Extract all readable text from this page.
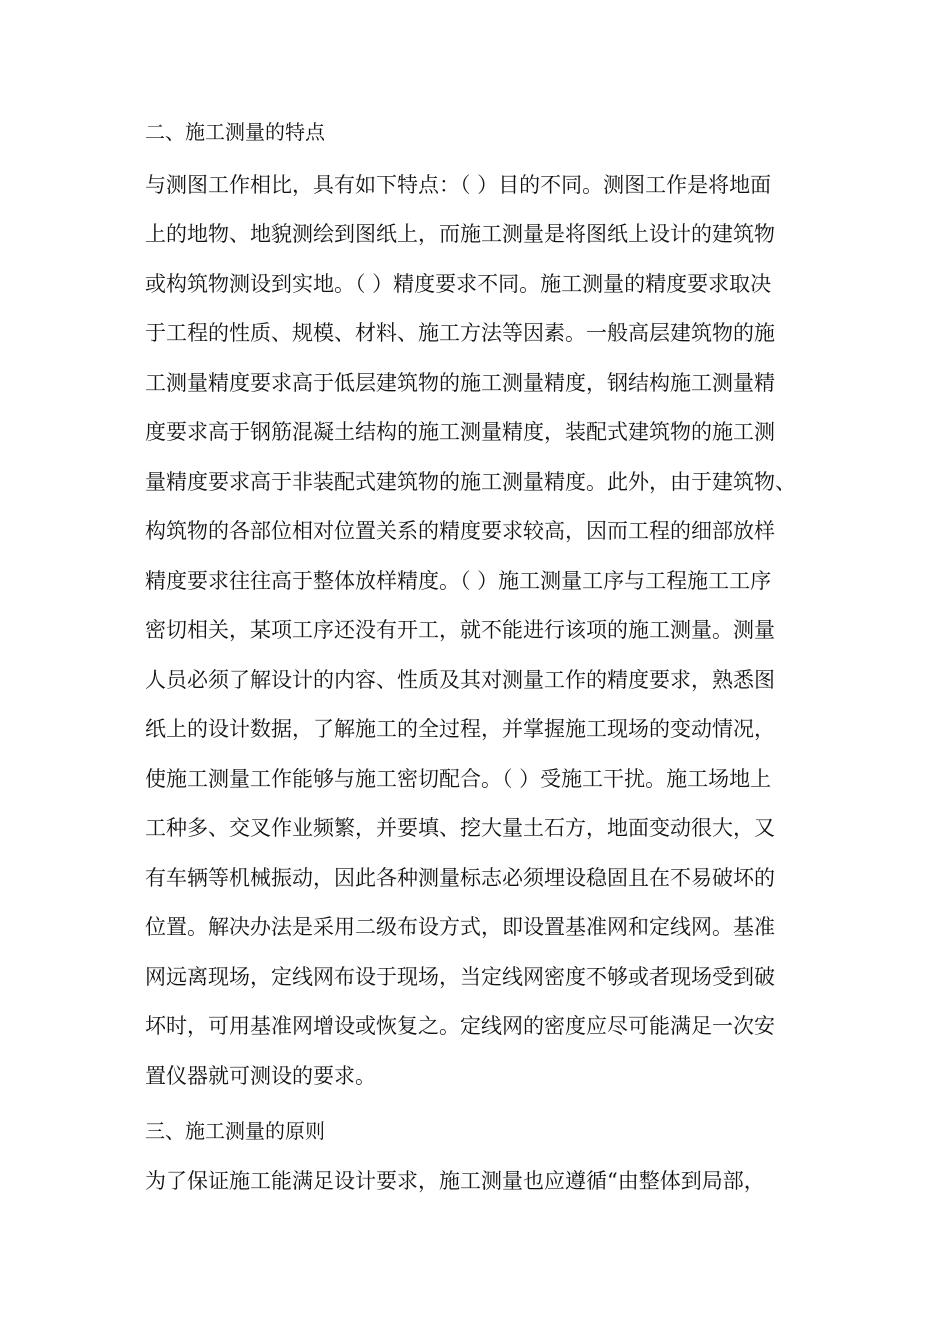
二、施工测量的特点
与测图工作相比，具有如下特点：（ ）目的不同。测图工作是将地面
上的地物、地貌测绘到图纸上，而施工测量是将图纸上设计的建筑物
或构筑物测设到实地。（ ）精度要求不同。施工测量的精度要求取决
于工程的性质、规模、材料、施工方法等因素。一般高层建筑物的施
工测量精度要求高于低层建筑物的施工测量精度，钢结构施工测量精
度要求高于钢筋混凝土结构的施工测量精度，装配式建筑物的施工测
量精度要求高于非装配式建筑物的施工测量精度。此外，由于建筑物、
构筑物的各部位相对位置关系的精度要求较高，因而工程的细部放样
精度要求往往高于整体放样精度。（ ）施工测量工序与工程施工工序
密切相关，某项工序还没有开工，就不能进行该项的施工测量。测量
人员必须了解设计的内容、性质及其对测量工作的精度要求，熟悉图
纸上的设计数据，了解施工的全过程，并掌握施工现场的变动情况，
使施工测量工作能够与施工密切配合。（ ）受施工干扰。施工场地上
工种多、交叉作业频繁，并要填、挖大量土石方，地面变动很大，又
有车辆等机械振动，因此各种测量标志必须埋设稳固且在不易破坏的
位置。解决办法是采用二级布设方式，即设置基准网和定线网。基准
网远离现场，定线网布设于现场，当定线网密度不够或者现场受到破
坏时，可用基准网增设或恢复之。定线网的密度应尽可能满足一次安
置仪器就可测设的要求。
三、施工测量的原则
为了保证施工能满足设计要求，施工测量也应遵循“由整体到局部，
